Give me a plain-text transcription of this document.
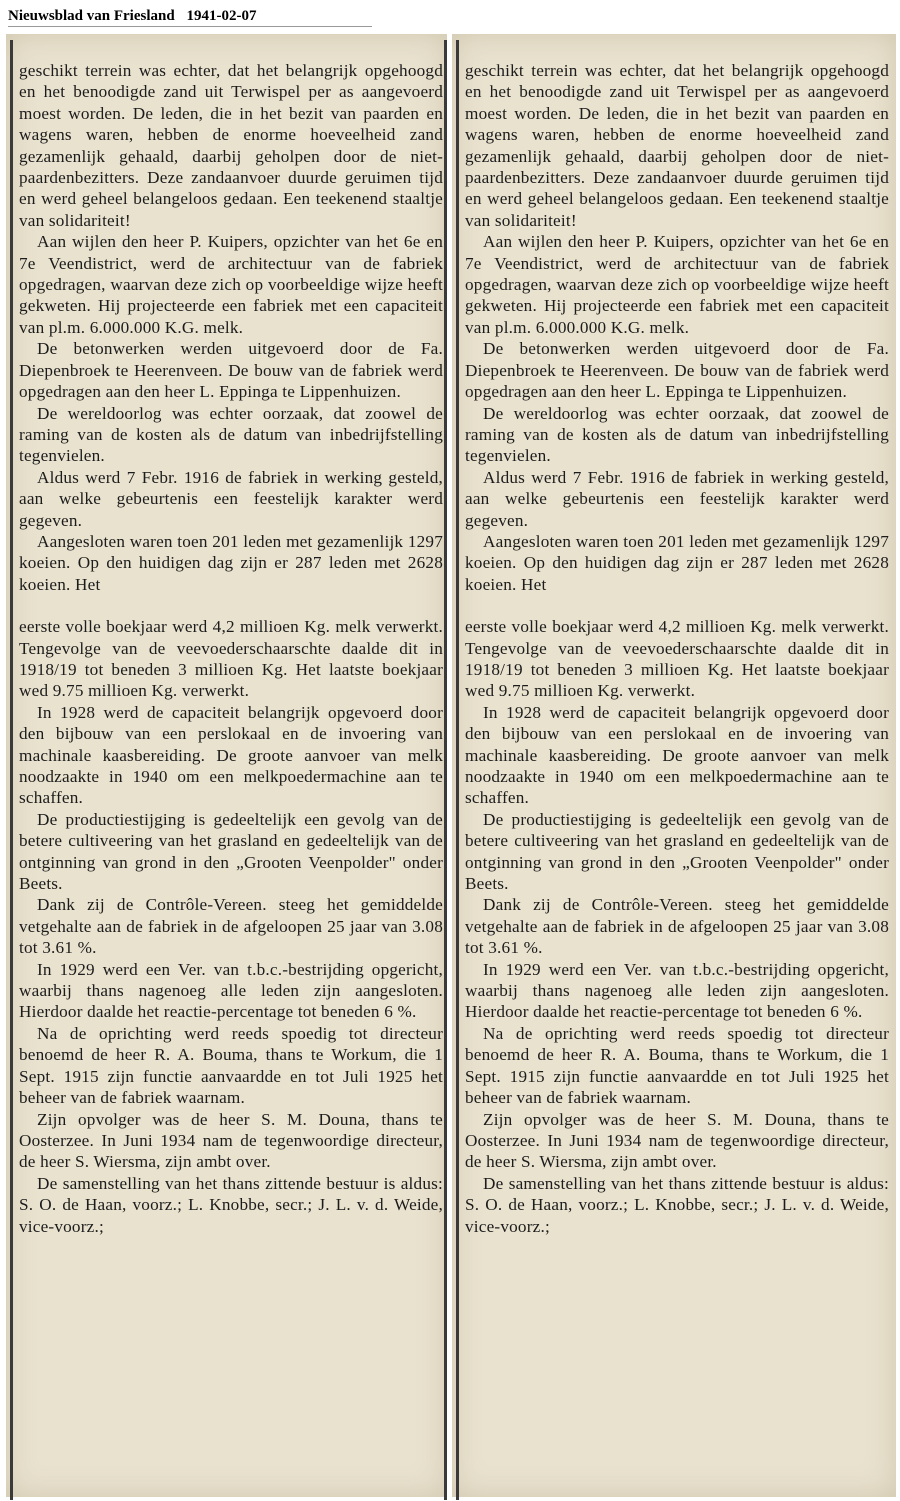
Nieuwsblad van Friesland 1941-02-07

geschikt terrein was echter, dat het belangrijk opgehoogd en het benoodigde zand uit Terwispel per as aangevoerd moest worden. De leden, die in het bezit van paarden en wagens waren, hebben de enorme hoeveelheid zand gezamenlijk gehaald, daarbij geholpen door de niet-paardenbezitters. Deze zandaanvoer duurde geruimen tijd en werd geheel belangeloos gedaan. Een teekenend staaltje van solidariteit!

Aan wijlen den heer P. Kuipers, opzichter van het 6e en 7e Veendistrict, werd de architectuur van de fabriek opgedragen, waarvan deze zich op voorbeeldige wijze heeft gekweten. Hij projecteerde een fabriek met een capaciteit van pl.m. 6.000.000 K.G. melk.

De betonwerken werden uitgevoerd door de Fa. Diepenbroek te Heerenveen. De bouw van de fabriek werd opgedragen aan den heer L. Eppinga te Lippenhuizen.

De wereldoorlog was echter oorzaak, dat zoowel de raming van de kosten als de datum van inbedrijfstelling tegenvielen.

Aldus werd 7 Febr. 1916 de fabriek in werking gesteld, aan welke gebeurtenis een feestelijk karakter werd gegeven.

Aangesloten waren toen 201 leden met gezamenlijk 1297 koeien. Op den huidigen dag zijn er 287 leden met 2628 koeien. Het

eerste volle boekjaar werd 4,2 millioen Kg. melk verwerkt. Tengevolge van de veevoederschaarschte daalde dit in 1918/19 tot beneden 3 millioen Kg. Het laatste boekjaar wed 9.75 millioen Kg. verwerkt.

In 1928 werd de capaciteit belangrijk opgevoerd door den bijbouw van een perslokaal en de invoering van machinale kaasbereiding. De groote aanvoer van melk noodzaakte in 1940 om een melkpoedermachine aan te schaffen.

De productiestijging is gedeeltelijk een gevolg van de betere cultiveering van het grasland en gedeeltelijk van de ontginning van grond in den „Grooten Veenpolder" onder Beets.

Dank zij de Contrôle-Vereen. steeg het gemiddelde vetgehalte aan de fabriek in de afgeloopen 25 jaar van 3.08 tot 3.61 %.

In 1929 werd een Ver. van t.b.c.-bestrijding opgericht, waarbij thans nagenoeg alle leden zijn aangesloten. Hierdoor daalde het reactie-percentage tot beneden 6 %.

Na de oprichting werd reeds spoedig tot directeur benoemd de heer R. A. Bouma, thans te Workum, die 1 Sept. 1915 zijn functie aanvaardde en tot Juli 1925 het beheer van de fabriek waarnam.

Zijn opvolger was de heer S. M. Douna, thans te Oosterzee. In Juni 1934 nam de tegenwoordige directeur, de heer S. Wiersma, zijn ambt over.

De samenstelling van het thans zittende bestuur is aldus: S. O. de Haan, voorz.; L. Knobbe, secr.; J. L. v. d. Weide, vice-voorz.;

geschikt terrein was echter, dat het belangrijk opgehoogd en het benoodigde zand uit Terwispel per as aangevoerd moest worden. De leden, die in het bezit van paarden en wagens waren, hebben de enorme hoeveelheid zand gezamenlijk gehaald, daarbij geholpen door de niet-paardenbezitters. Deze zandaanvoer duurde geruimen tijd en werd geheel belangeloos gedaan. Een teekenend staaltje van solidariteit!

Aan wijlen den heer P. Kuipers, opzichter van het 6e en 7e Veendistrict, werd de architectuur van de fabriek opgedragen, waarvan deze zich op voorbeeldige wijze heeft gekweten. Hij projecteerde een fabriek met een capaciteit van pl.m. 6.000.000 K.G. melk.

De betonwerken werden uitgevoerd door de Fa. Diepenbroek te Heerenveen. De bouw van de fabriek werd opgedragen aan den heer L. Eppinga te Lippenhuizen.

De wereldoorlog was echter oorzaak, dat zoowel de raming van de kosten als de datum van inbedrijfstelling tegenvielen.

Aldus werd 7 Febr. 1916 de fabriek in werking gesteld, aan welke gebeurtenis een feestelijk karakter werd gegeven.

Aangesloten waren toen 201 leden met gezamenlijk 1297 koeien. Op den huidigen dag zijn er 287 leden met 2628 koeien. Het

eerste volle boekjaar werd 4,2 millioen Kg. melk verwerkt. Tengevolge van de veevoederschaarschte daalde dit in 1918/19 tot beneden 3 millioen Kg. Het laatste boekjaar wed 9.75 millioen Kg. verwerkt.

In 1928 werd de capaciteit belangrijk opgevoerd door den bijbouw van een perslokaal en de invoering van machinale kaasbereiding. De groote aanvoer van melk noodzaakte in 1940 om een melkpoedermachine aan te schaffen.

De productiestijging is gedeeltelijk een gevolg van de betere cultiveering van het grasland en gedeeltelijk van de ontginning van grond in den „Grooten Veenpolder" onder Beets.

Dank zij de Contrôle-Vereen. steeg het gemiddelde vetgehalte aan de fabriek in de afgeloopen 25 jaar van 3.08 tot 3.61 %.

In 1929 werd een Ver. van t.b.c.-bestrijding opgericht, waarbij thans nagenoeg alle leden zijn aangesloten. Hierdoor daalde het reactie-percentage tot beneden 6 %.

Na de oprichting werd reeds spoedig tot directeur benoemd de heer R. A. Bouma, thans te Workum, die 1 Sept. 1915 zijn functie aanvaardde en tot Juli 1925 het beheer van de fabriek waarnam.

Zijn opvolger was de heer S. M. Douna, thans te Oosterzee. In Juni 1934 nam de tegenwoordige directeur, de heer S. Wiersma, zijn ambt over.

De samenstelling van het thans zittende bestuur is aldus: S. O. de Haan, voorz.; L. Knobbe, secr.; J. L. v. d. Weide, vice-voorz.;
